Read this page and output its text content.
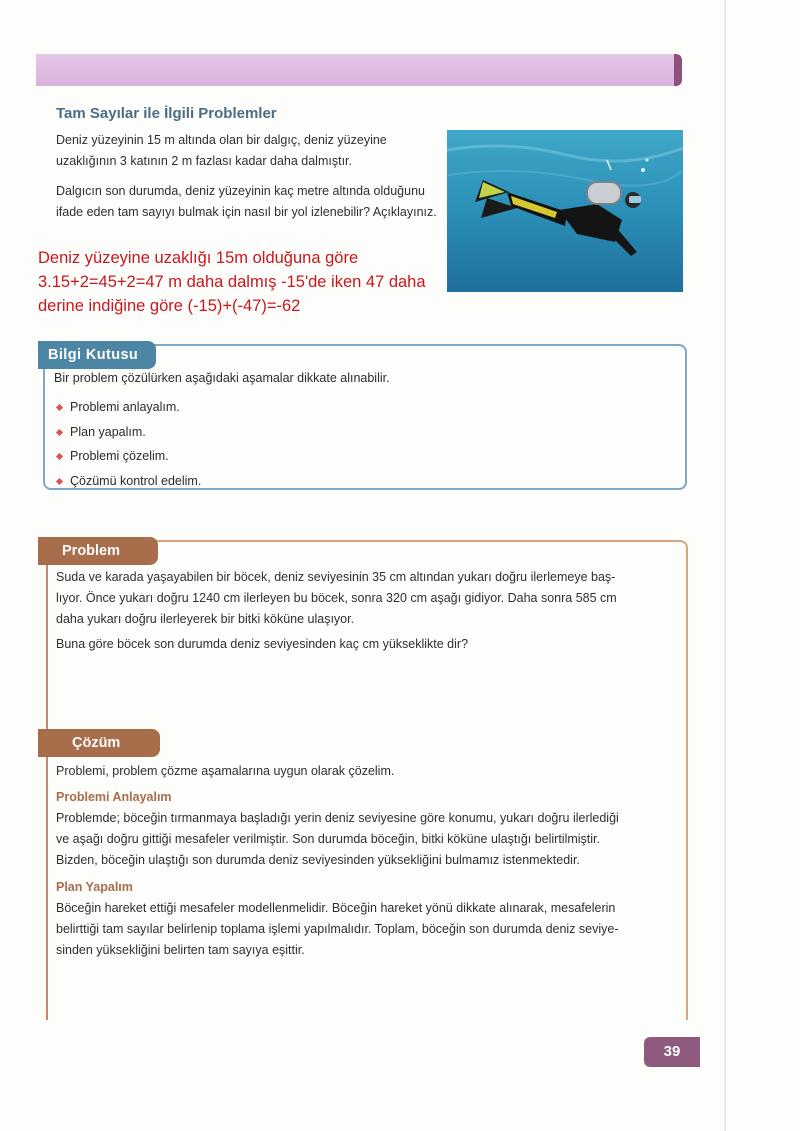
Tam Sayılar ile İlgili Problemler
Deniz yüzeyinin 15 m altında olan bir dalgıç, deniz yüzeyine uzaklığının 3 katının 2 m fazlası kadar daha dalmıştır.
Dalgıcın son durumda, deniz yüzeyinin kaç metre altında olduğunu ifade eden tam sayıyı bulmak için nasıl bir yol izlenebilir? Açıklayınız.
Deniz yüzeyine uzaklığı 15m olduğuna göre
3.15+2=45+2=47 m daha dalmış -15'de iken 47 daha
derine indiğine göre (-15)+(-47)=-62
Bilgi Kutusu
Bir problem çözülürken aşağıdaki aşamalar dikkate alınabilir.
Problemi anlayalım.
Plan yapalım.
Problemi çözelim.
Çözümü kontrol edelim.
Problem
Suda ve karada yaşayabilen bir böcek, deniz seviyesinin 35 cm altından yukarı doğru ilerlemeye baş-
lıyor. Önce yukarı doğru 1240 cm ilerleyen bu böcek, sonra 320 cm aşağı gidiyor. Daha sonra 585 cm
daha yukarı doğru ilerleyerek bir bitki köküne ulaşıyor.
Buna göre böcek son durumda deniz seviyesinden kaç cm yükseklikte dir?
Çözüm
Problemi, problem çözme aşamalarına uygun olarak çözelim.
Problemi Anlayalım
Problemde; böceğin tırmanmaya başladığı yerin deniz seviyesine göre konumu, yukarı doğru ilerlediği
ve aşağı doğru gittiği mesafeler verilmiştir. Son durumda böceğin, bitki köküne ulaştığı belirtilmiştir.
Bizden, böceğin ulaştığı son durumda deniz seviyesinden yüksekliğini bulmamız istenmektedir.
Plan Yapalım
Böceğin hareket ettiği mesafeler modellenmelidir. Böceğin hareket yönü dikkate alınarak, mesafelerin
belirttiği tam sayılar belirlenip toplama işlemi yapılmalıdır. Toplam, böceğin son durumda deniz seviye-
sinden yüksekliğini belirten tam sayıya eşittir.
39
